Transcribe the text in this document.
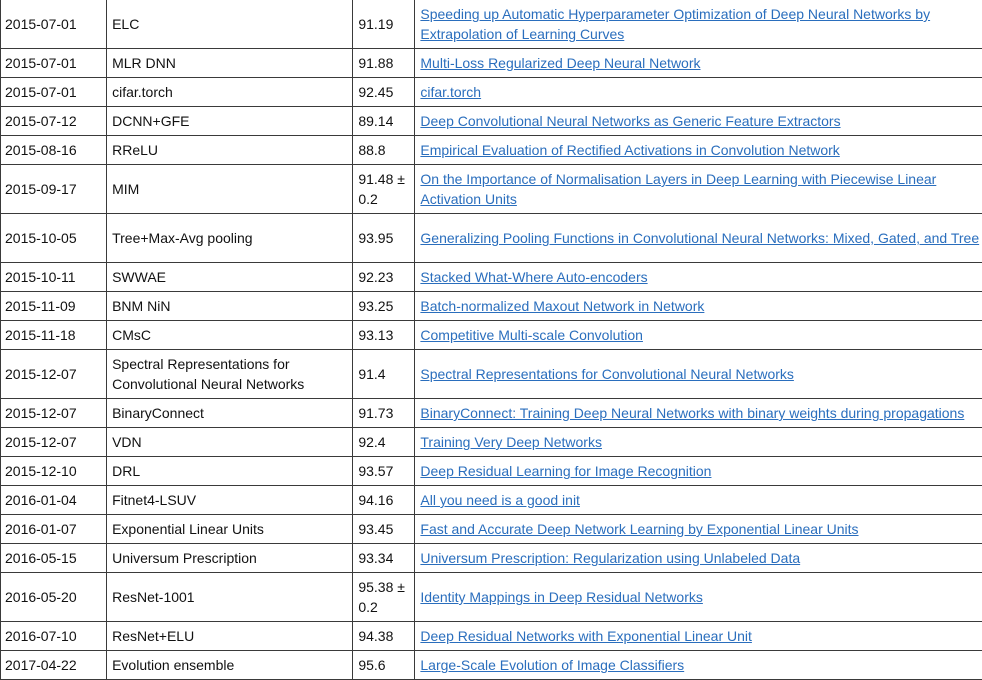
2015-07-01	ELC	91.19	Speeding up Automatic Hyperparameter Optimization of Deep Neural Networks by Extrapolation of Learning Curves
2015-07-01	MLR DNN	91.88	Multi-Loss Regularized Deep Neural Network
2015-07-01	cifar.torch	92.45	cifar.torch
2015-07-12	DCNN+GFE	89.14	Deep Convolutional Neural Networks as Generic Feature Extractors
2015-08-16	RReLU	88.8	Empirical Evaluation of Rectified Activations in Convolution Network
2015-09-17	MIM	91.48 ± 0.2	On the Importance of Normalisation Layers in Deep Learning with Piecewise Linear Activation Units
2015-10-05	Tree+Max-Avg pooling	93.95	Generalizing Pooling Functions in Convolutional Neural Networks: Mixed, Gated, and Tree
2015-10-11	SWWAE	92.23	Stacked What-Where Auto-encoders
2015-11-09	BNM NiN	93.25	Batch-normalized Maxout Network in Network
2015-11-18	CMsC	93.13	Competitive Multi-scale Convolution
2015-12-07	Spectral Representations for Convolutional Neural Networks	91.4	Spectral Representations for Convolutional Neural Networks
2015-12-07	BinaryConnect	91.73	BinaryConnect: Training Deep Neural Networks with binary weights during propagations
2015-12-07	VDN	92.4	Training Very Deep Networks
2015-12-10	DRL	93.57	Deep Residual Learning for Image Recognition
2016-01-04	Fitnet4-LSUV	94.16	All you need is a good init
2016-01-07	Exponential Linear Units	93.45	Fast and Accurate Deep Network Learning by Exponential Linear Units
2016-05-15	Universum Prescription	93.34	Universum Prescription: Regularization using Unlabeled Data
2016-05-20	ResNet-1001	95.38 ± 0.2	Identity Mappings in Deep Residual Networks
2016-07-10	ResNet+ELU	94.38	Deep Residual Networks with Exponential Linear Unit
2017-04-22	Evolution ensemble	95.6	Large-Scale Evolution of Image Classifiers
